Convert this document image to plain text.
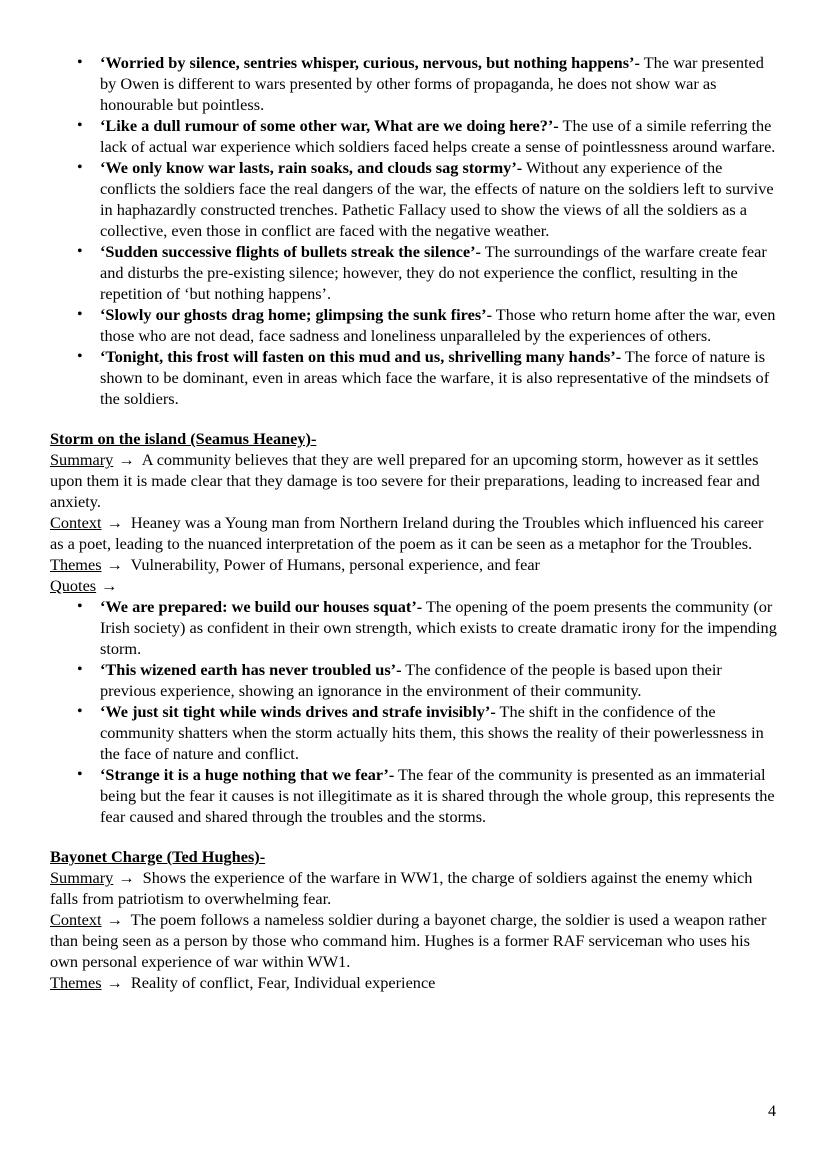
• ‘Worried by silence, sentries whisper, curious, nervous, but nothing happens’- The war presented by Owen is different to wars presented by other forms of propaganda, he does not show war as honourable but pointless.
• ‘Like a dull rumour of some other war, What are we doing here?’- The use of a simile referring the lack of actual war experience which soldiers faced helps create a sense of pointlessness around warfare.
• ‘We only know war lasts, rain soaks, and clouds sag stormy’- Without any experience of the conflicts the soldiers face the real dangers of the war, the effects of nature on the soldiers left to survive in haphazardly constructed trenches. Pathetic Fallacy used to show the views of all the soldiers as a collective, even those in conflict are faced with the negative weather.
• ‘Sudden successive flights of bullets streak the silence’- The surroundings of the warfare create fear and disturbs the pre-existing silence; however, they do not experience the conflict, resulting in the repetition of ‘but nothing happens’.
• ‘Slowly our ghosts drag home; glimpsing the sunk fires’- Those who return home after the war, even those who are not dead, face sadness and loneliness unparalleled by the experiences of others.
• ‘Tonight, this frost will fasten on this mud and us, shrivelling many hands’- The force of nature is shown to be dominant, even in areas which face the warfare, it is also representative of the mindsets of the soldiers.

Storm on the island (Seamus Heaney)-

Summary → A community believes that they are well prepared for an upcoming storm, however as it settles upon them it is made clear that they damage is too severe for their preparations, leading to increased fear and anxiety.

Context → Heaney was a Young man from Northern Ireland during the Troubles which influenced his career as a poet, leading to the nuanced interpretation of the poem as it can be seen as a metaphor for the Troubles.

Themes → Vulnerability, Power of Humans, personal experience, and fear

Quotes →

• ‘We are prepared: we build our houses squat’- The opening of the poem presents the community (or Irish society) as confident in their own strength, which exists to create dramatic irony for the impending storm.
• ‘This wizened earth has never troubled us’- The confidence of the people is based upon their previous experience, showing an ignorance in the environment of their community.
• ‘We just sit tight while winds drives and strafe invisibly’- The shift in the confidence of the community shatters when the storm actually hits them, this shows the reality of their powerlessness in the face of nature and conflict.
• ‘Strange it is a huge nothing that we fear’- The fear of the community is presented as an immaterial being but the fear it causes is not illegitimate as it is shared through the whole group, this represents the fear caused and shared through the troubles and the storms.

Bayonet Charge (Ted Hughes)-

Summary → Shows the experience of the warfare in WW1, the charge of soldiers against the enemy which falls from patriotism to overwhelming fear.

Context → The poem follows a nameless soldier during a bayonet charge, the soldier is used a weapon rather than being seen as a person by those who command him. Hughes is a former RAF serviceman who uses his own personal experience of war within WW1.

Themes → Reality of conflict, Fear, Individual experience

4
